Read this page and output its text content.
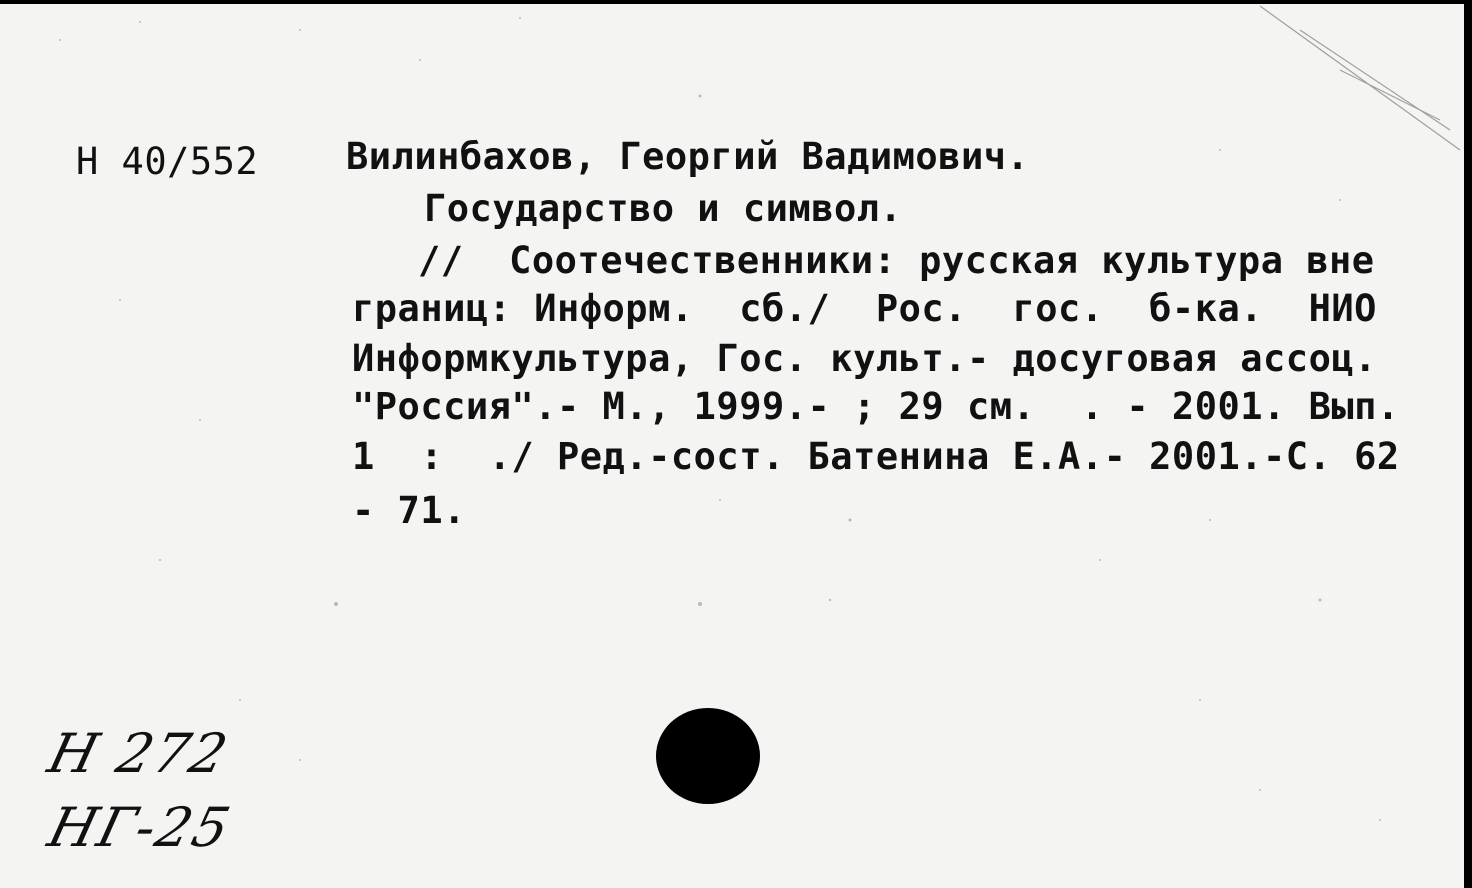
Н 40/552 Вилинбахов, Георгий Вадимович.
Государство и символ.
//  Соотечественники: русская культура вне
границ: Информ.  сб./  Рос.  гос.  б-ка.  НИО
Информкультура, Гос. культ.- досуговая ассоц.
"Россия".- М., 1999.- ; 29 см.  . - 2001. Вып.
1  :  ./ Ред.-сост. Батенина Е.А.- 2001.-С. 62
- 71.
Н 272
НГ-25
